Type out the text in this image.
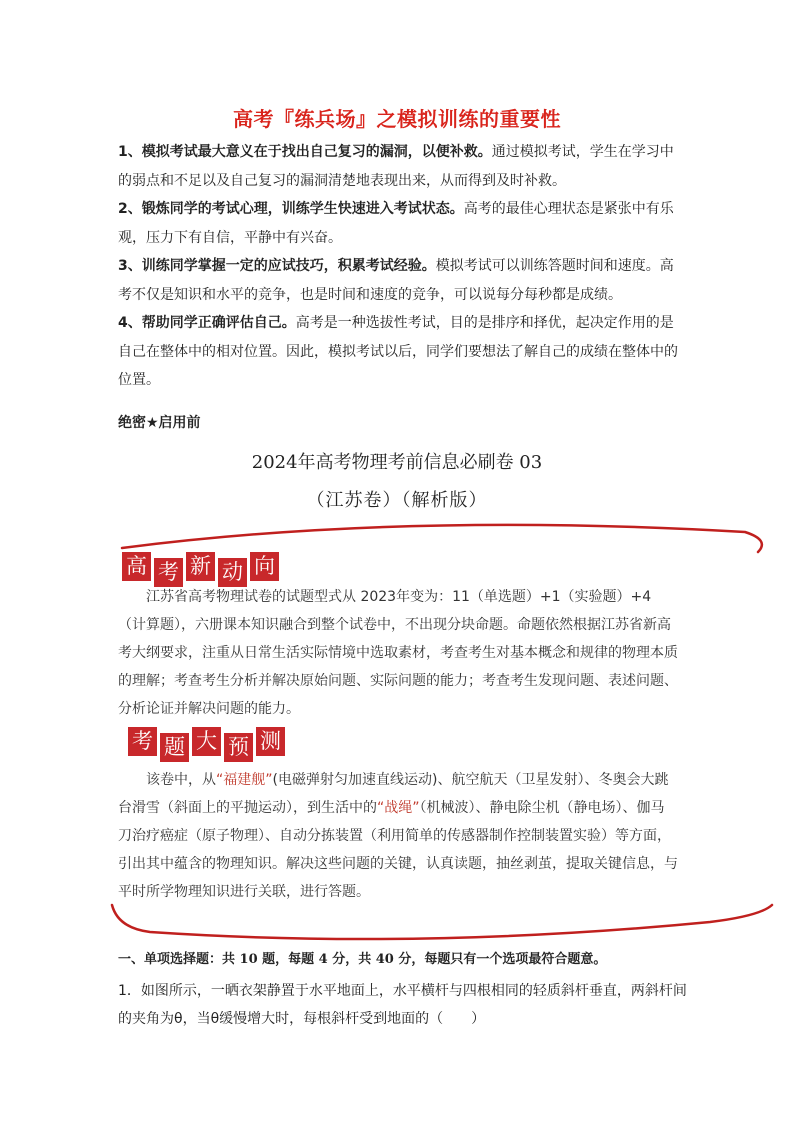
高考『练兵场』之模拟训练的重要性

1、模拟考试最大意义在于找出自己复习的漏洞，以便补救。通过模拟考试，学生在学习中的弱点和不足以及自己复习的漏洞清楚地表现出来，从而得到及时补救。

2、锻炼同学的考试心理，训练学生快速进入考试状态。高考的最佳心理状态是紧张中有乐观，压力下有自信，平静中有兴奋。

3、训练同学掌握一定的应试技巧，积累考试经验。模拟考试可以训练答题时间和速度。高考不仅是知识和水平的竞争，也是时间和速度的竞争，可以说每分每秒都是成绩。

4、帮助同学正确评估自己。高考是一种选拔性考试，目的是排序和择优，起决定作用的是自己在整体中的相对位置。因此，模拟考试以后，同学们要想法了解自己的成绩在整体中的位置。

绝密★启用前
2024年高考物理考前信息必刷卷 03
（江苏卷）（解析版）
高 考 新 动 向

江苏省高考物理试卷的试题型式从 2023年变为：11（单选题）+1（实验题）+4（计算题），六册课本知识融合到整个试卷中，不出现分块命题。命题依然根据江苏省新高考大纲要求，注重从日常生活实际情境中选取素材，考查考生对基本概念和规律的物理本质的理解；考查考生分析并解决原始问题、实际问题的能力；考查考生发现问题、表述问题、分析论证并解决问题的能力。

考 题 大 预 测

该卷中，从“福建舰”(电磁弹射匀加速直线运动)、航空航天（卫星发射）、冬奥会大跳台滑雪（斜面上的平抛运动），到生活中的“战绳”（机械波）、静电除尘机（静电场）、伽马刀治疗癌症（原子物理）、自动分拣装置（利用简单的传感器制作控制装置实验）等方面，引出其中蕴含的物理知识。解决这些问题的关键，认真读题，抽丝剥茧，提取关键信息，与平时所学物理知识进行关联，进行答题。

一、单项选择题：共 10 题，每题 4 分，共 40 分，每题只有一个选项最符合题意。

1．如图所示，一晒衣架静置于水平地面上，水平横杆与四根相同的轻质斜杆垂直，两斜杆间的夹角为θ，当θ缓慢增大时，每根斜杆受到地面的（　　）
